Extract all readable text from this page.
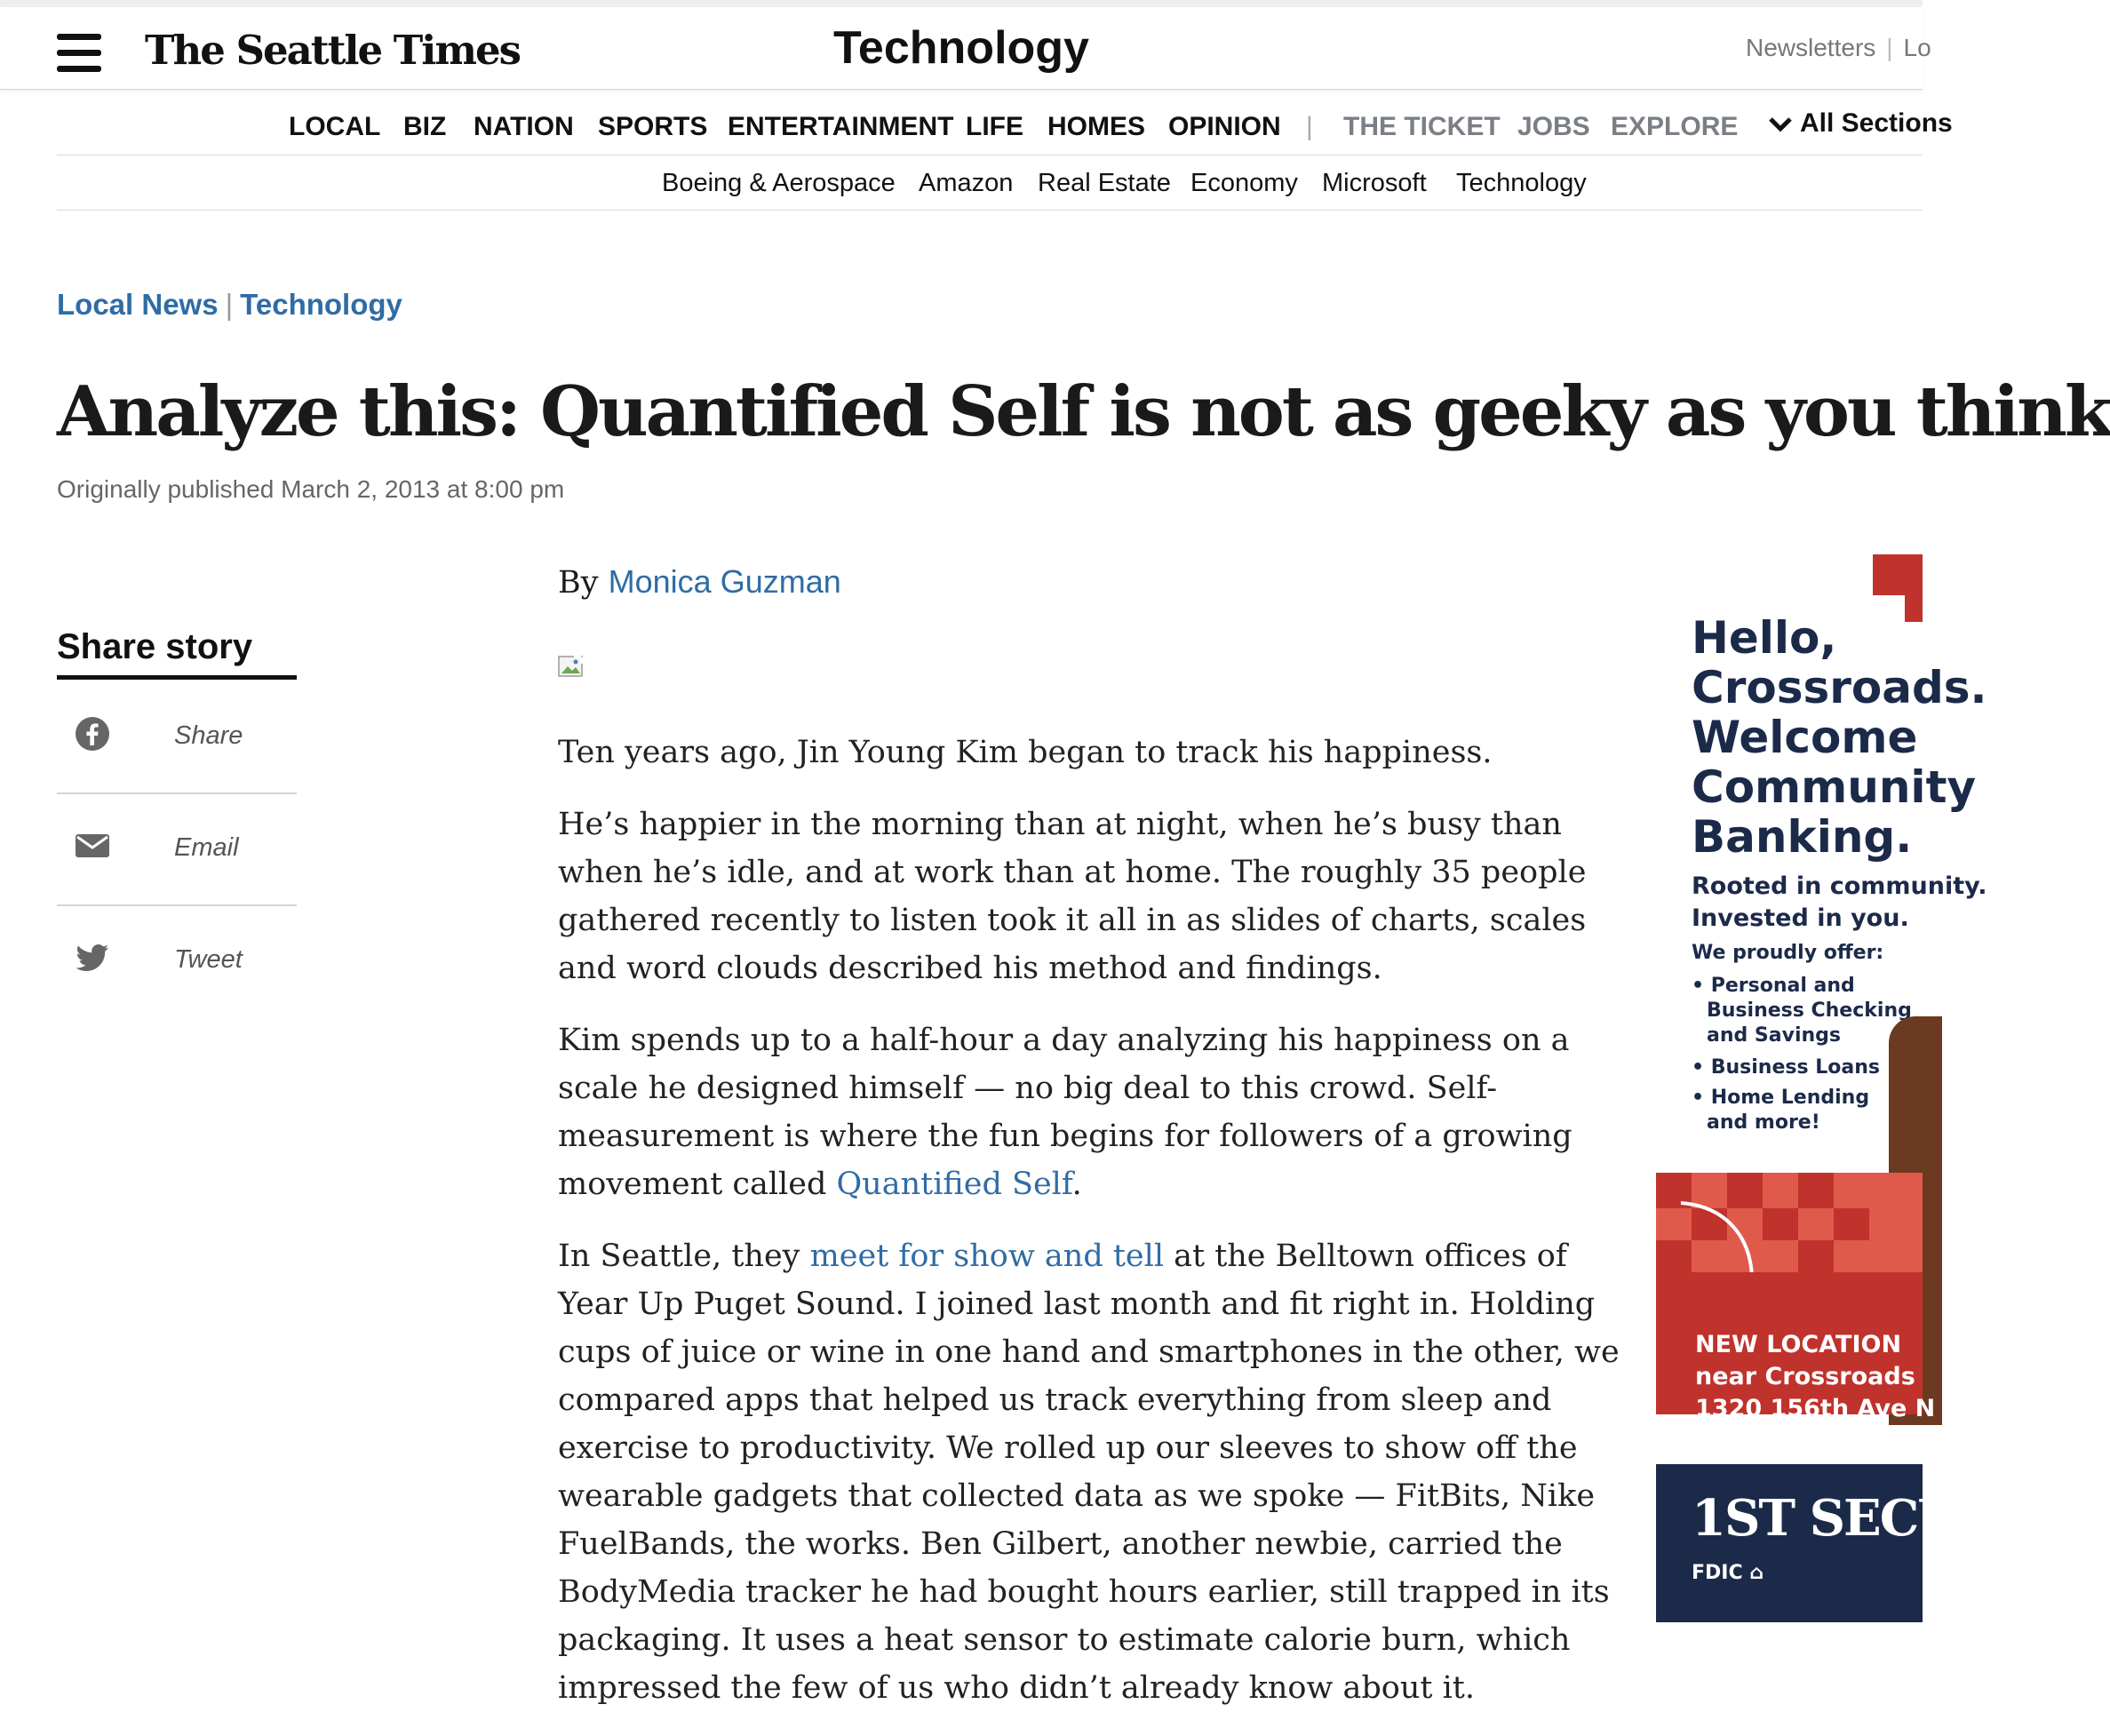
The Seattle Times	Technology	Newsletters | Lo
LOCAL BIZ NATION SPORTS ENTERTAINMENT LIFE HOMES OPINION | THE TICKET JOBS EXPLORE	All Sections
Boeing & Aerospace Amazon Real Estate Economy Microsoft Technology
Local News | Technology
Analyze this: Quantified Self is not as geeky as you think
Originally published March 2, 2013 at 8:00 pm
Share story
Share
Email
Tweet
By Monica Guzman

Ten years ago, Jin Young Kim began to track his happiness.

He’s happier in the morning than at night, when he’s busy than when he’s idle, and at work than at home. The roughly 35 people gathered recently to listen took it all in as slides of charts, scales and word clouds described his method and findings.

Kim spends up to a half-hour a day analyzing his happiness on a scale he designed himself — no big deal to this crowd. Self-measurement is where the fun begins for followers of a growing movement called Quantified Self.

In Seattle, they meet for show and tell at the Belltown offices of Year Up Puget Sound. I joined last month and fit right in. Holding cups of juice or wine in one hand and smartphones in the other, we compared apps that helped us track everything from sleep and exercise to productivity. We rolled up our sleeves to show off the wearable gadgets that collected data as we spoke — FitBits, Nike FuelBands, the works. Ben Gilbert, another newbie, carried the BodyMedia tracker he had bought hours earlier, still trapped in its packaging. It uses a heat sensor to estimate calorie burn, which impressed the few of us who didn’t already know about it.

Hello,
Crossroads.
Welcome
Community
Banking.
Rooted in community.
Invested in you.
We proudly offer:
• Personal and
Business Checking
and Savings
• Business Loans
• Home Lending
and more!
NEW LOCATION
near Crossroads
1320 156th Ave N
1ST SECURITY
FDIC ⌂
